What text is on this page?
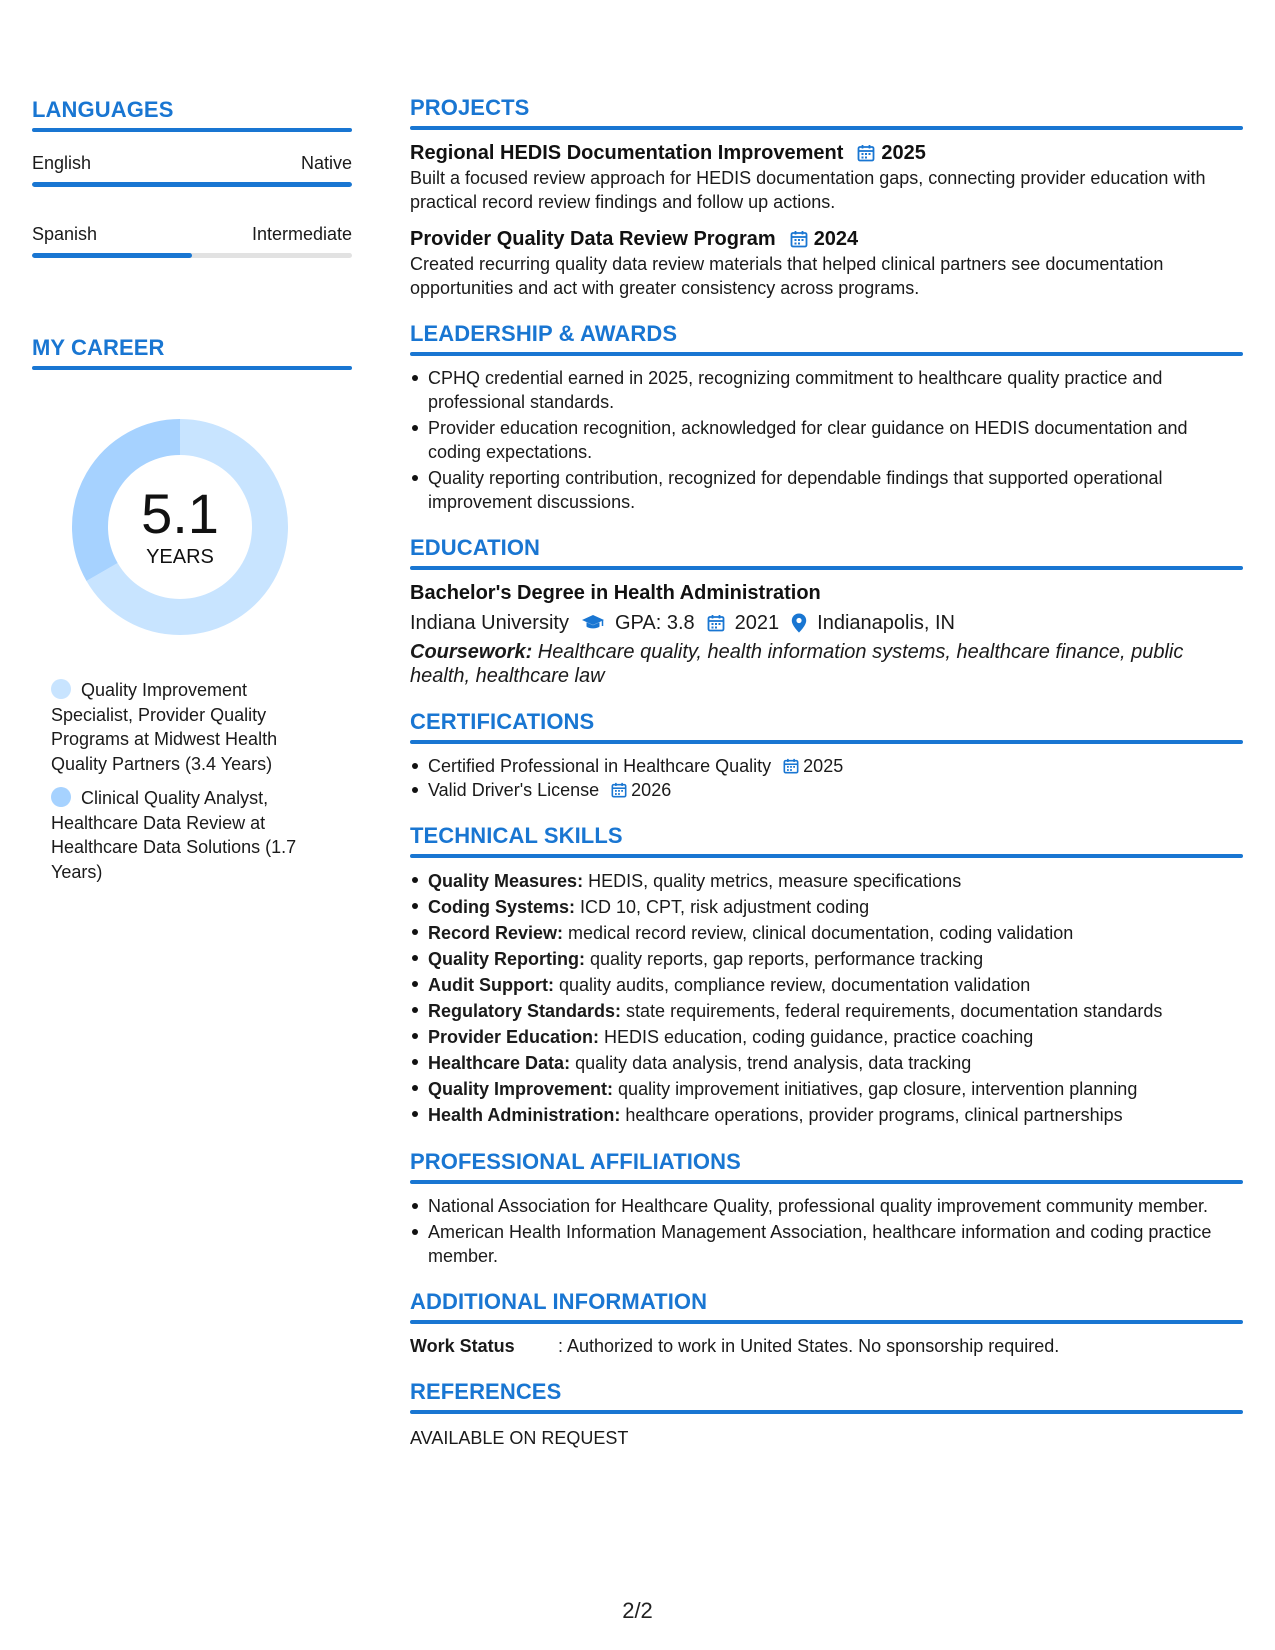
LANGUAGES
English	Native
Spanish	Intermediate
MY CAREER
5.1
YEARS
Quality Improvement Specialist, Provider Quality Programs at Midwest Health Quality Partners (3.4 Years)
Clinical Quality Analyst, Healthcare Data Review at Healthcare Data Solutions (1.7 Years)
PROJECTS
Regional HEDIS Documentation Improvement 2025
Built a focused review approach for HEDIS documentation gaps, connecting provider education with practical record review findings and follow up actions.
Provider Quality Data Review Program 2024
Created recurring quality data review materials that helped clinical partners see documentation opportunities and act with greater consistency across programs.
LEADERSHIP & AWARDS
CPHQ credential earned in 2025, recognizing commitment to healthcare quality practice and professional standards.
Provider education recognition, acknowledged for clear guidance on HEDIS documentation and coding expectations.
Quality reporting contribution, recognized for dependable findings that supported operational improvement discussions.
EDUCATION
Bachelor's Degree in Health Administration
Indiana University GPA: 3.8 2021 Indianapolis, IN
Coursework: Healthcare quality, health information systems, healthcare finance, public health, healthcare law
CERTIFICATIONS
Certified Professional in Healthcare Quality 2025
Valid Driver's License 2026
TECHNICAL SKILLS
Quality Measures: HEDIS, quality metrics, measure specifications
Coding Systems: ICD 10, CPT, risk adjustment coding
Record Review: medical record review, clinical documentation, coding validation
Quality Reporting: quality reports, gap reports, performance tracking
Audit Support: quality audits, compliance review, documentation validation
Regulatory Standards: state requirements, federal requirements, documentation standards
Provider Education: HEDIS education, coding guidance, practice coaching
Healthcare Data: quality data analysis, trend analysis, data tracking
Quality Improvement: quality improvement initiatives, gap closure, intervention planning
Health Administration: healthcare operations, provider programs, clinical partnerships
PROFESSIONAL AFFILIATIONS
National Association for Healthcare Quality, professional quality improvement community member.
American Health Information Management Association, healthcare information and coding practice member.
ADDITIONAL INFORMATION
Work Status	: Authorized to work in United States. No sponsorship required.
REFERENCES
AVAILABLE ON REQUEST
2/2
